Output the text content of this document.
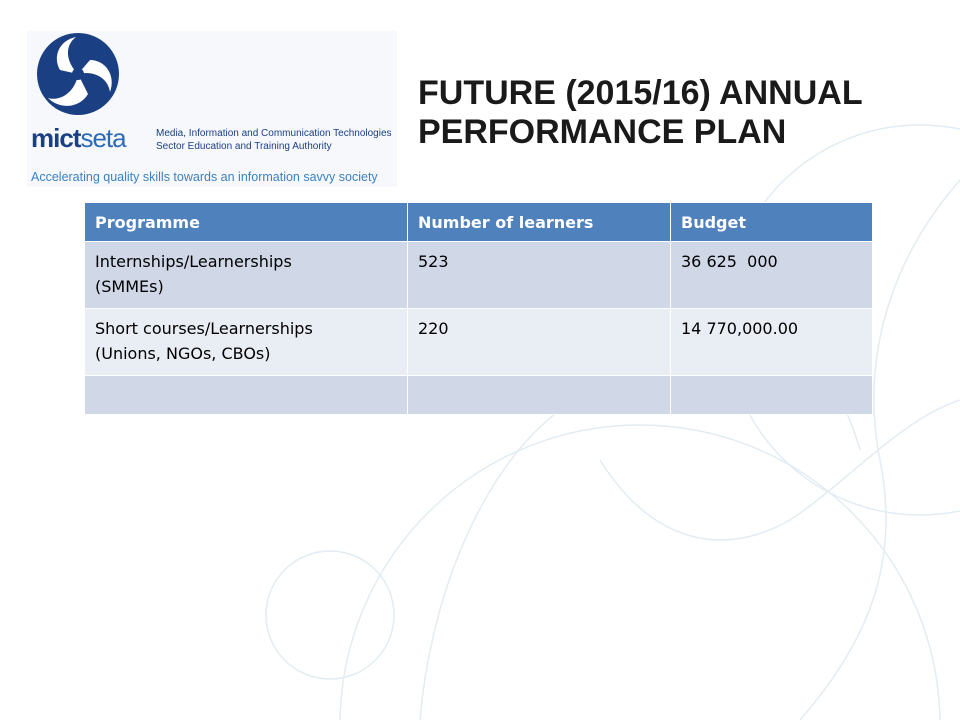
mictseta	Media, Information and Communication Technologies
Sector Education and Training Authority
Accelerating quality skills towards an information savvy society
FUTURE (2015/16) ANNUAL
PERFORMANCE PLAN
Programme	Number of learners	Budget

Internships/Learnerships
(SMMEs)	523	36 625  000

Short courses/Learnerships
(Unions, NGOs, CBOs)	220	14 770,000.00
